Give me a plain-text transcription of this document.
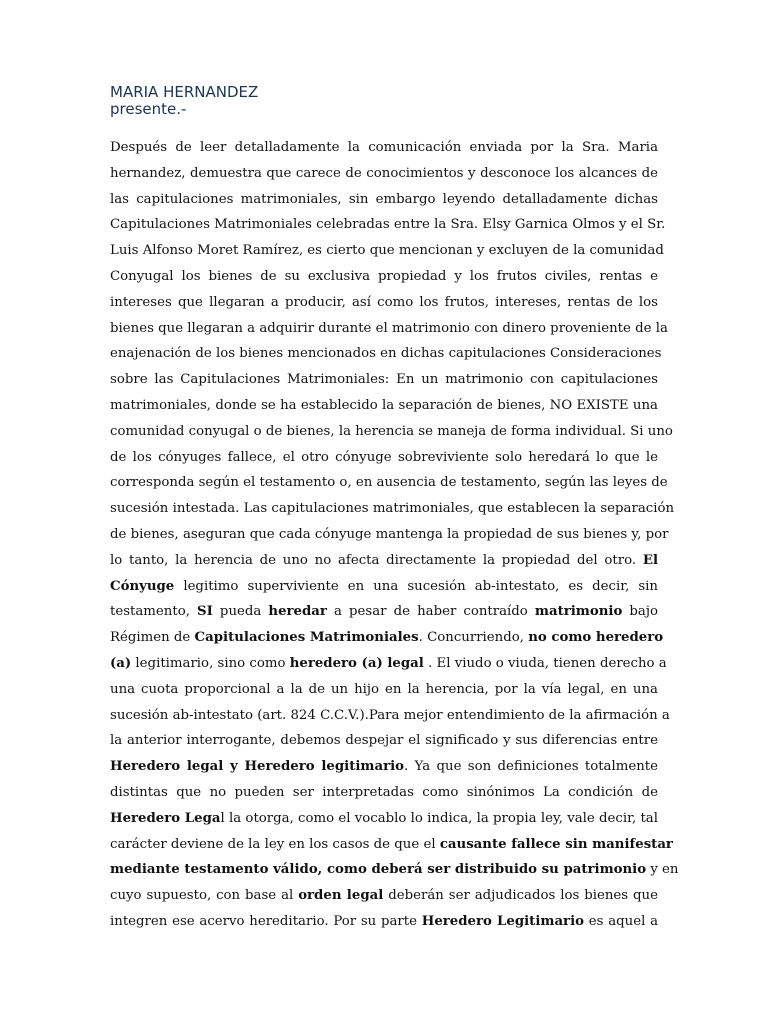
MARIA HERNANDEZ

presente.-

Después de leer detalladamente la comunicación enviada por la Sra. Maria
hernandez, demuestra que carece de conocimientos y desconoce los alcances de
las capitulaciones matrimoniales, sin embargo leyendo detalladamente dichas
Capitulaciones Matrimoniales celebradas entre la Sra. Elsy Garnica Olmos y el Sr.
Luis Alfonso Moret Ramírez, es cierto que mencionan y excluyen de la comunidad
Conyugal los bienes de su exclusiva propiedad y los frutos civiles, rentas e
intereses que llegaran a producir, así como los frutos, intereses, rentas de los
bienes que llegaran a adquirir durante el matrimonio con dinero proveniente de la
enajenación de los bienes mencionados en dichas capitulaciones Consideraciones
sobre las Capitulaciones Matrimoniales: En un matrimonio con capitulaciones
matrimoniales, donde se ha establecido la separación de bienes, NO EXISTE una
comunidad conyugal o de bienes, la herencia se maneja de forma individual. Si uno
de los cónyuges fallece, el otro cónyuge sobreviviente solo heredará lo que le
corresponda según el testamento o, en ausencia de testamento, según las leyes de
sucesión intestada. Las capitulaciones matrimoniales, que establecen la separación
de bienes, aseguran que cada cónyuge mantenga la propiedad de sus bienes y, por
lo tanto, la herencia de uno no afecta directamente la propiedad del otro. El
Cónyuge legitimo superviviente en una sucesión ab-intestato, es decir, sin
testamento, SI pueda heredar a pesar de haber contraído matrimonio bajo
Régimen de Capitulaciones Matrimoniales. Concurriendo, no como heredero
(a) legitimario, sino como heredero (a) legal . El viudo o viuda, tienen derecho a
una cuota proporcional a la de un hijo en la herencia, por la vía legal, en una
sucesión ab-intestato (art. 824 C.C.V.).Para mejor entendimiento de la afirmación a
la anterior interrogante, debemos despejar el significado y sus diferencias entre
Heredero legal y Heredero legitimario. Ya que son definiciones totalmente
distintas que no pueden ser interpretadas como sinónimos La condición de
Heredero Legal la otorga, como el vocablo lo indica, la propia ley, vale decir, tal
carácter deviene de la ley en los casos de que el causante fallece sin manifestar
mediante testamento válido, como deberá ser distribuido su patrimonio y en
cuyo supuesto, con base al orden legal deberán ser adjudicados los bienes que
integren ese acervo hereditario. Por su parte Heredero Legitimario es aquel a
